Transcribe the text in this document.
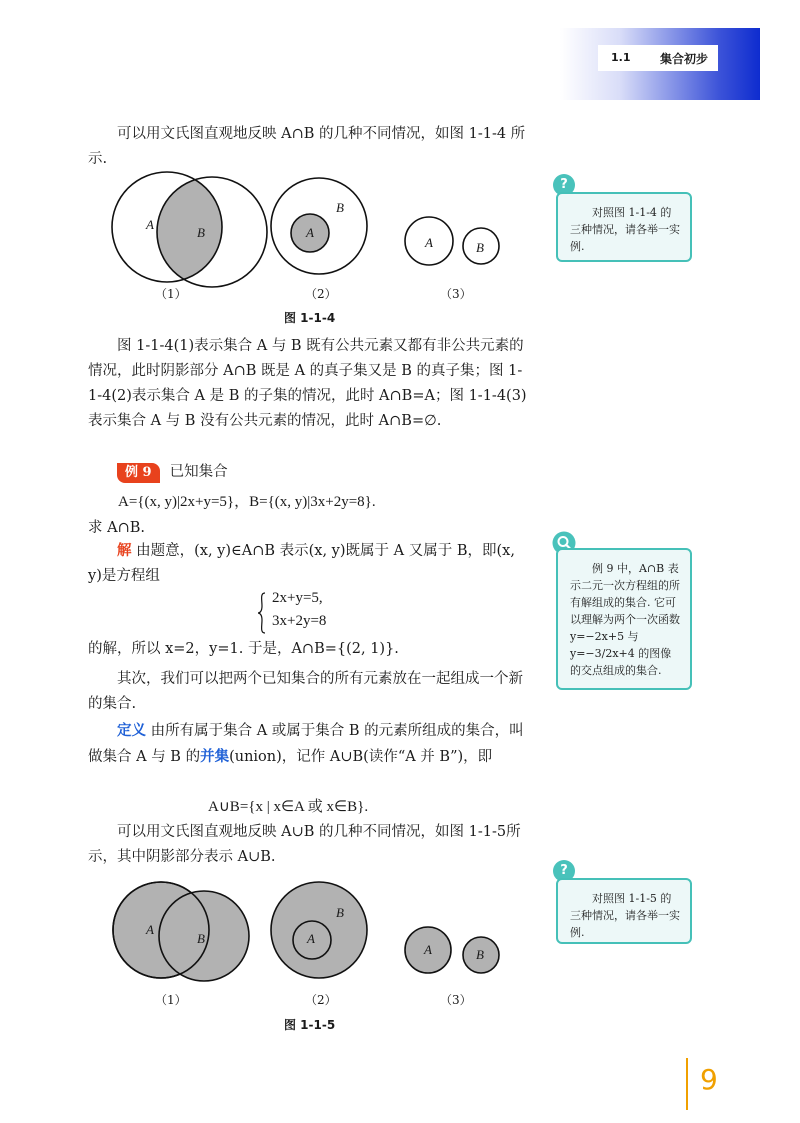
1.1 集合初步

可以用文氏图直观地反映 A∩B 的几种不同情况，如图 1-1-4 所示.

A
B
B
A
A	B
（1）	（2）	（3）
图 1-1-4

图 1-1-4(1)表示集合 A 与 B 既有公共元素又都有非公共元素的情况，此时阴影部分 A∩B 既是 A 的真子集又是 B 的真子集；图 1-1-4(2)表示集合 A 是 B 的子集的情况，此时 A∩B=A；图 1-1-4(3)表示集合 A 与 B 没有公共元素的情况，此时 A∩B=∅.

例 9 已知集合
A={(x, y)|2x+y=5}，B={(x, y)|3x+2y=8}.
求 A∩B.

解 由题意，(x, y)∈A∩B 表示(x, y)既属于 A 又属于 B，即(x, y)是方程组

2x+y=5,
3x+2y=8
的解，所以 x=2，y=1. 于是，A∩B={(2, 1)}.

其次，我们可以把两个已知集合的所有元素放在一起组成一个新的集合.

定义 由所有属于集合 A 或属于集合 B 的元素所组成的集合，叫做集合 A 与 B 的并集(union)，记作 A∪B(读作“A 并 B”)，即

A∪B={x | x∈A 或 x∈B}.

可以用文氏图直观地反映 A∪B 的几种不同情况，如图 1-1-5所示，其中阴影部分表示 A∪B.

A
B
B
A
A	B
（1）	（2）	（3）
图 1-1-5
?
对照图 1-1-4 的三种情况，请各举一实例.
例 9 中，A∩B 表示二元一次方程组的所有解组成的集合. 它可以理解为两个一次函数 y=−2x+5 与 y=−3/2x+4 的图像的交点组成的集合.
?
对照图 1-1-5 的三种情况，请各举一实例.
9
